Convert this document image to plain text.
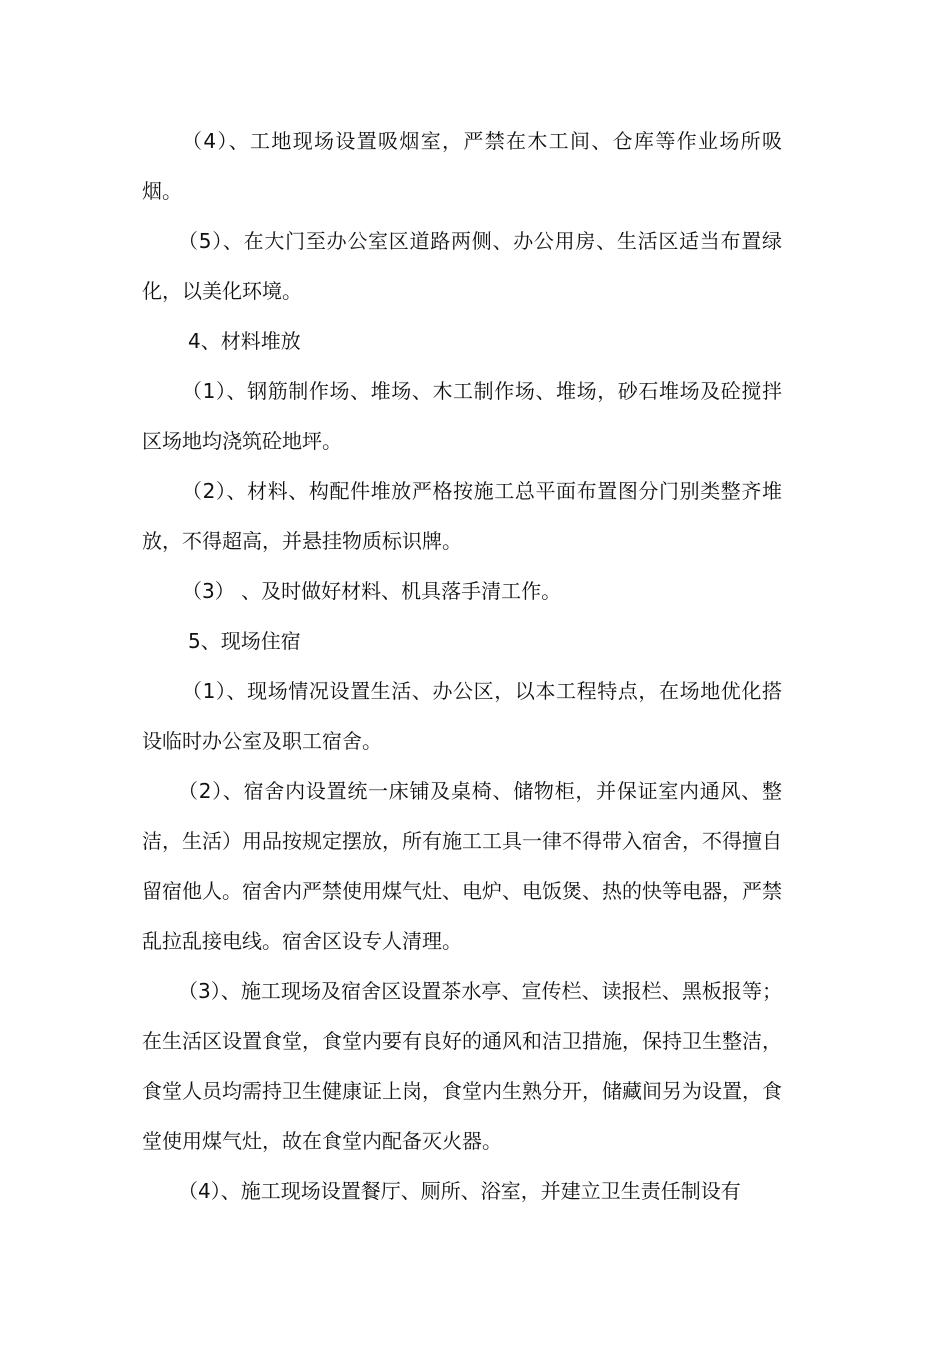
（4）、工地现场设置吸烟室，严禁在木工间、仓库等作业场所吸烟。

（5）、在大门至办公室区道路两侧、办公用房、生活区适当布置绿化，以美化环境。

4、材料堆放

（1）、钢筋制作场、堆场、木工制作场、堆场，砂石堆场及砼搅拌区场地均浇筑砼地坪。

（2）、材料、构配件堆放严格按施工总平面布置图分门别类整齐堆放，不得超高，并悬挂物质标识牌。

（3） 、及时做好材料、机具落手清工作。

5、现场住宿

（1）、现场情况设置生活、办公区，以本工程特点，在场地优化搭设临时办公室及职工宿舍。

（2）、宿舍内设置统一床铺及桌椅、储物柜，并保证室内通风、整洁，生活）用品按规定摆放，所有施工工具一律不得带入宿舍，不得擅自留宿他人。宿舍内严禁使用煤气灶、电炉、电饭煲、热的快等电器，严禁乱拉乱接电线。宿舍区设专人清理。

（3）、施工现场及宿舍区设置茶水亭、宣传栏、读报栏、黑板报等；在生活区设置食堂，食堂内要有良好的通风和洁卫措施，保持卫生整洁，食堂人员均需持卫生健康证上岗，食堂内生熟分开，储藏间另为设置，食堂使用煤气灶，故在食堂内配备灭火器。

（4）、施工现场设置餐厅、厕所、浴室，并建立卫生责任制设有
